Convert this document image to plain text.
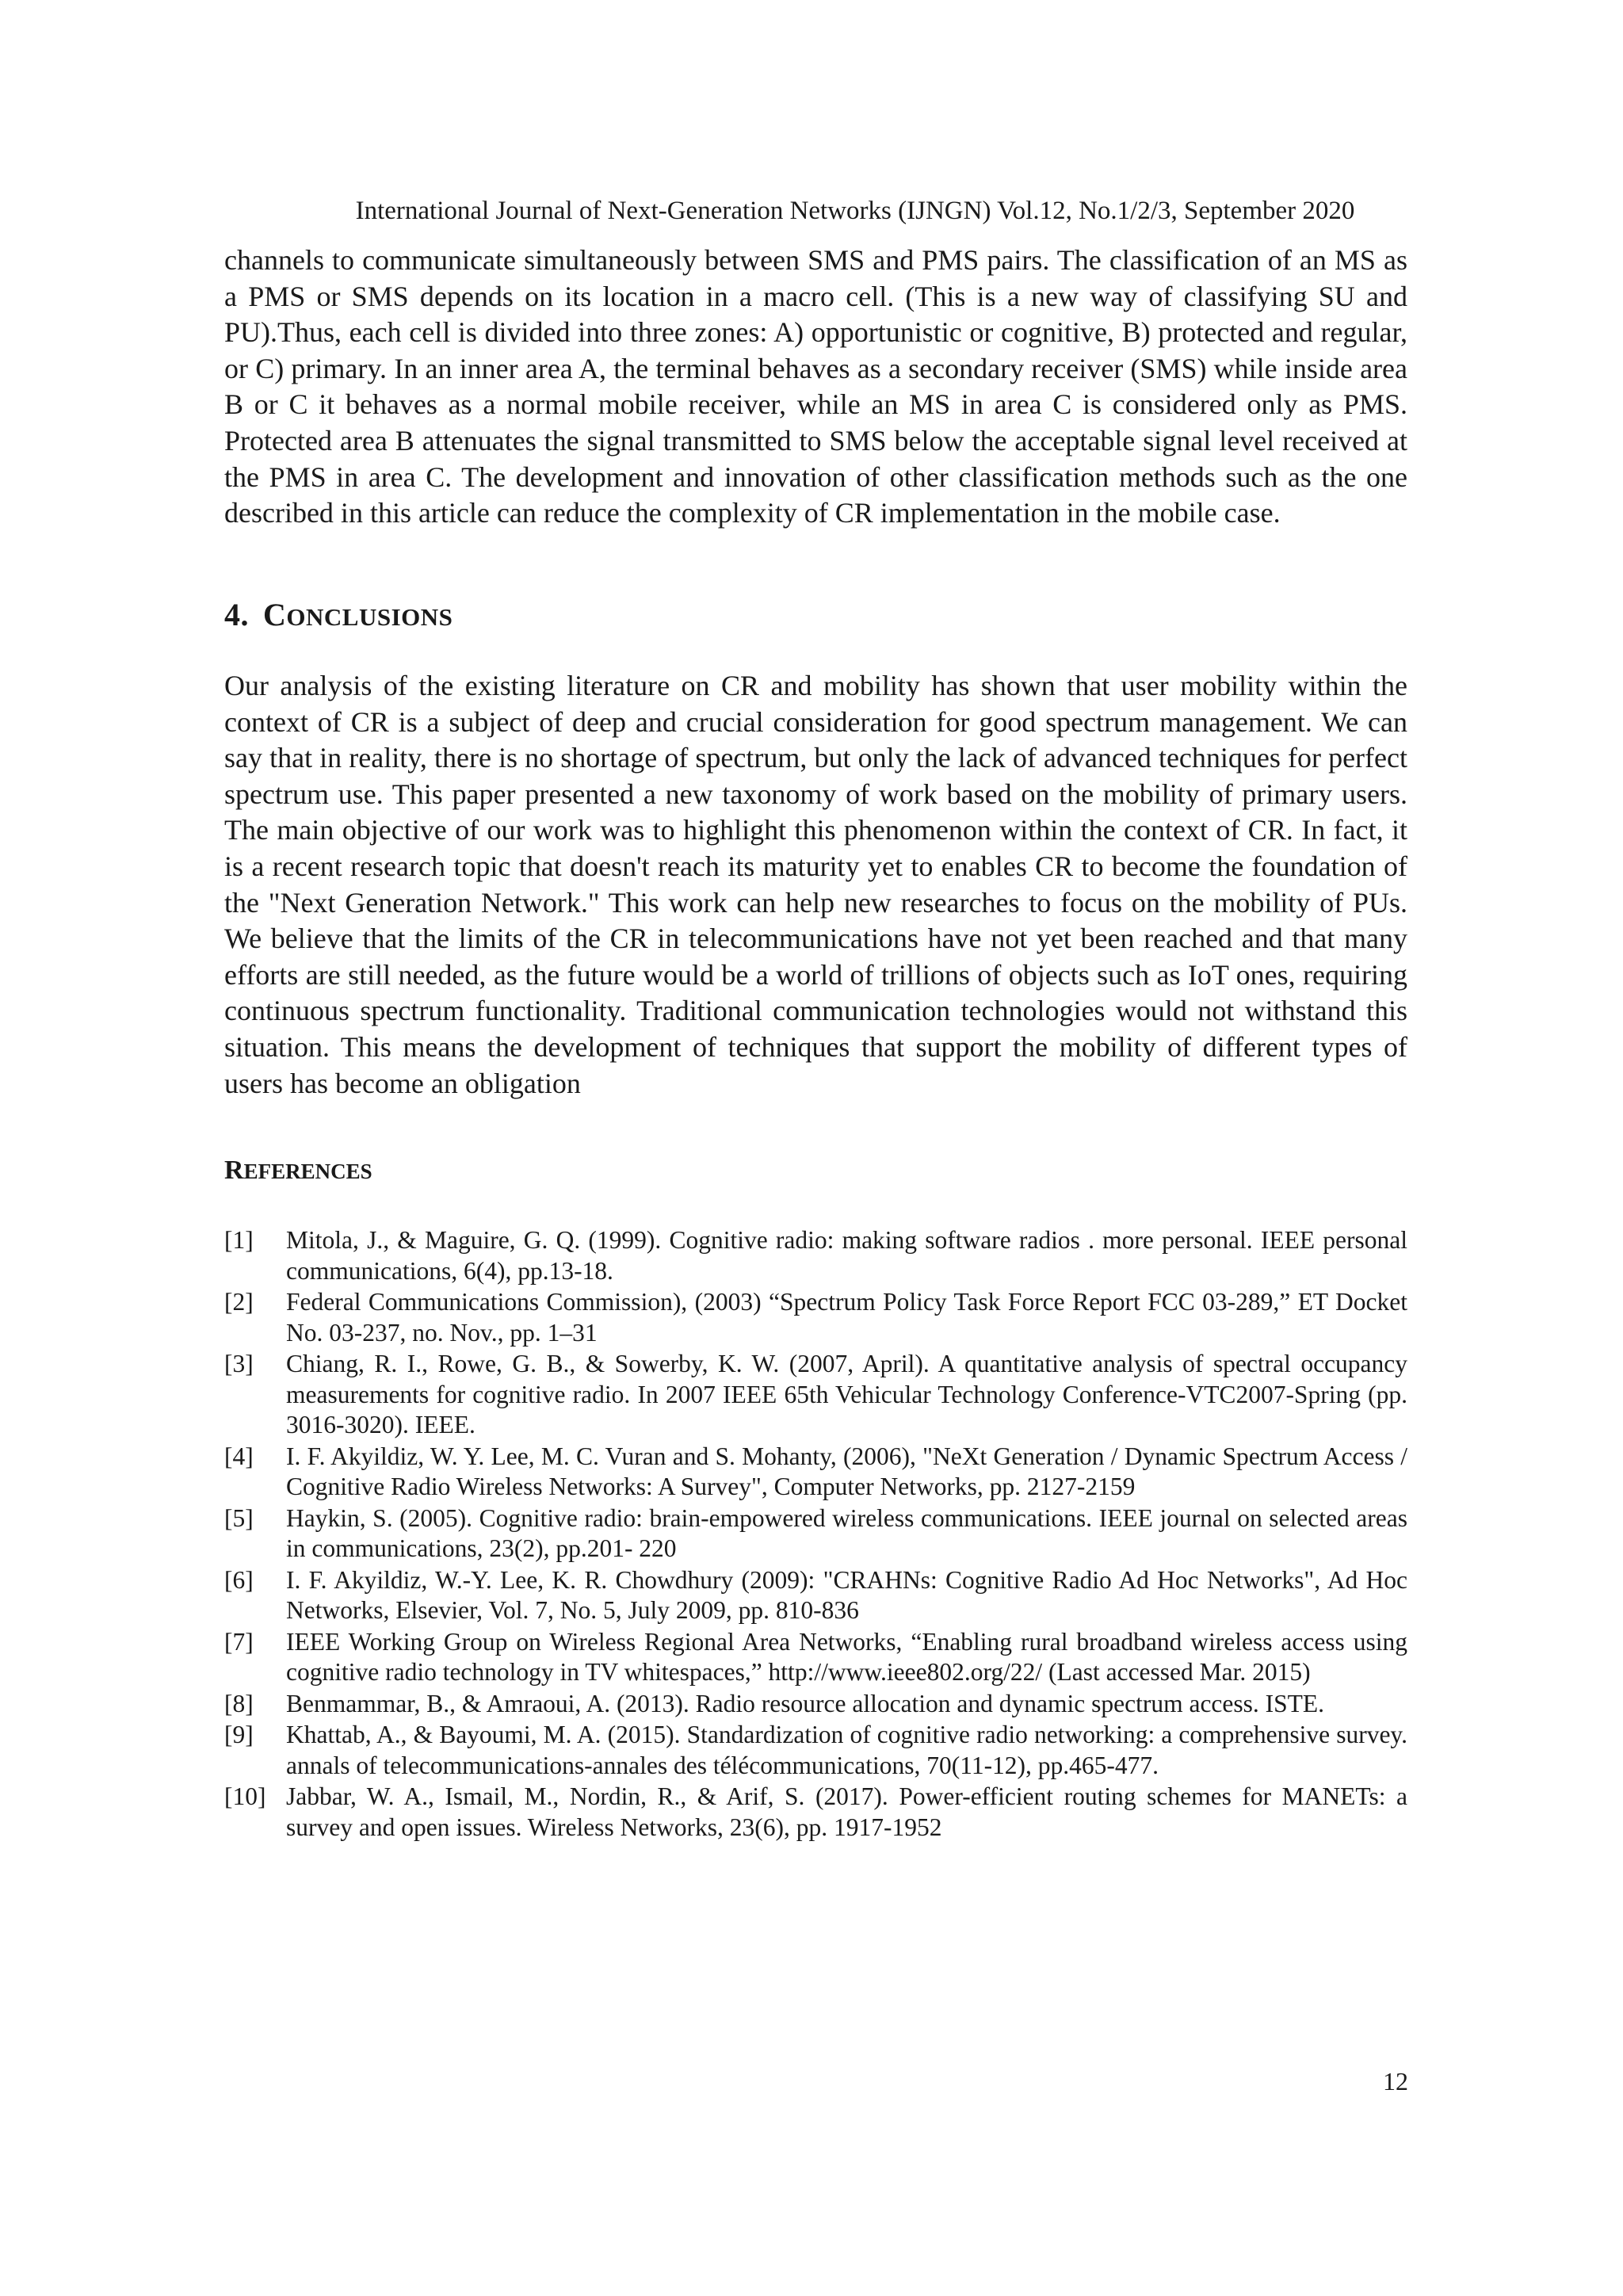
International Journal of Next-Generation Networks (IJNGN) Vol.12, No.1/2/3, September 2020

channels to communicate simultaneously between SMS and PMS pairs. The classification of an MS as a PMS or SMS depends on its location in a macro cell. (This is a new way of classifying SU and PU).Thus, each cell is divided into three zones: A) opportunistic or cognitive, B) protected and regular, or C) primary. In an inner area A, the terminal behaves as a secondary receiver (SMS) while inside area B or C it behaves as a normal mobile receiver, while an MS in area C is considered only as PMS. Protected area B attenuates the signal transmitted to SMS below the acceptable signal level received at the PMS in area C. The development and innovation of other classification methods such as the one described in this article can reduce the complexity of CR implementation in the mobile case.

4. CONCLUSIONS

Our analysis of the existing literature on CR and mobility has shown that user mobility within the context of CR is a subject of deep and crucial consideration for good spectrum management. We can say that in reality, there is no shortage of spectrum, but only the lack of advanced techniques for perfect spectrum use. This paper presented a new taxonomy of work based on the mobility of primary users. The main objective of our work was to highlight this phenomenon within the context of CR. In fact, it is a recent research topic that doesn't reach its maturity yet to enables CR to become the foundation of the "Next Generation Network." This work can help new researches to focus on the mobility of PUs. We believe that the limits of the CR in telecommunications have not yet been reached and that many efforts are still needed, as the future would be a world of trillions of objects such as IoT ones, requiring continuous spectrum functionality. Traditional communication technologies would not withstand this situation. This means the development of techniques that support the mobility of different types of users has become an obligation

REFERENCES
[1] Mitola, J., & Maguire, G. Q. (1999). Cognitive radio: making software radios . more personal. IEEE personal communications, 6(4), pp.13-18.
[2] Federal Communications Commission), (2003) “Spectrum Policy Task Force Report FCC 03-289,” ET Docket No. 03-237, no. Nov., pp. 1–31
[3] Chiang, R. I., Rowe, G. B., & Sowerby, K. W. (2007, April). A quantitative analysis of spectral occupancy measurements for cognitive radio. In 2007 IEEE 65th Vehicular Technology Conference-VTC2007-Spring (pp. 3016-3020). IEEE.
[4] I. F. Akyildiz, W. Y. Lee, M. C. Vuran and S. Mohanty, (2006), "NeXt Generation / Dynamic Spectrum Access / Cognitive Radio Wireless Networks: A Survey", Computer Networks, pp. 2127-2159
[5] Haykin, S. (2005). Cognitive radio: brain-empowered wireless communications. IEEE journal on selected areas in communications, 23(2), pp.201- 220
[6] I. F. Akyildiz, W.-Y. Lee, K. R. Chowdhury (2009): "CRAHNs: Cognitive Radio Ad Hoc Networks", Ad Hoc Networks, Elsevier, Vol. 7, No. 5, July 2009, pp. 810-836
[7] IEEE Working Group on Wireless Regional Area Networks, “Enabling rural broadband wireless access using cognitive radio technology in TV whitespaces,” http://www.ieee802.org/22/ (Last accessed Mar. 2015)
[8] Benmammar, B., & Amraoui, A. (2013). Radio resource allocation and dynamic spectrum access. ISTE.
[9] Khattab, A., & Bayoumi, M. A. (2015). Standardization of cognitive radio networking: a comprehensive survey. annals of telecommunications-annales des télécommunications, 70(11-12), pp.465-477.
[10] Jabbar, W. A., Ismail, M., Nordin, R., & Arif, S. (2017). Power-efficient routing schemes for MANETs: a survey and open issues. Wireless Networks, 23(6), pp. 1917-1952
12
